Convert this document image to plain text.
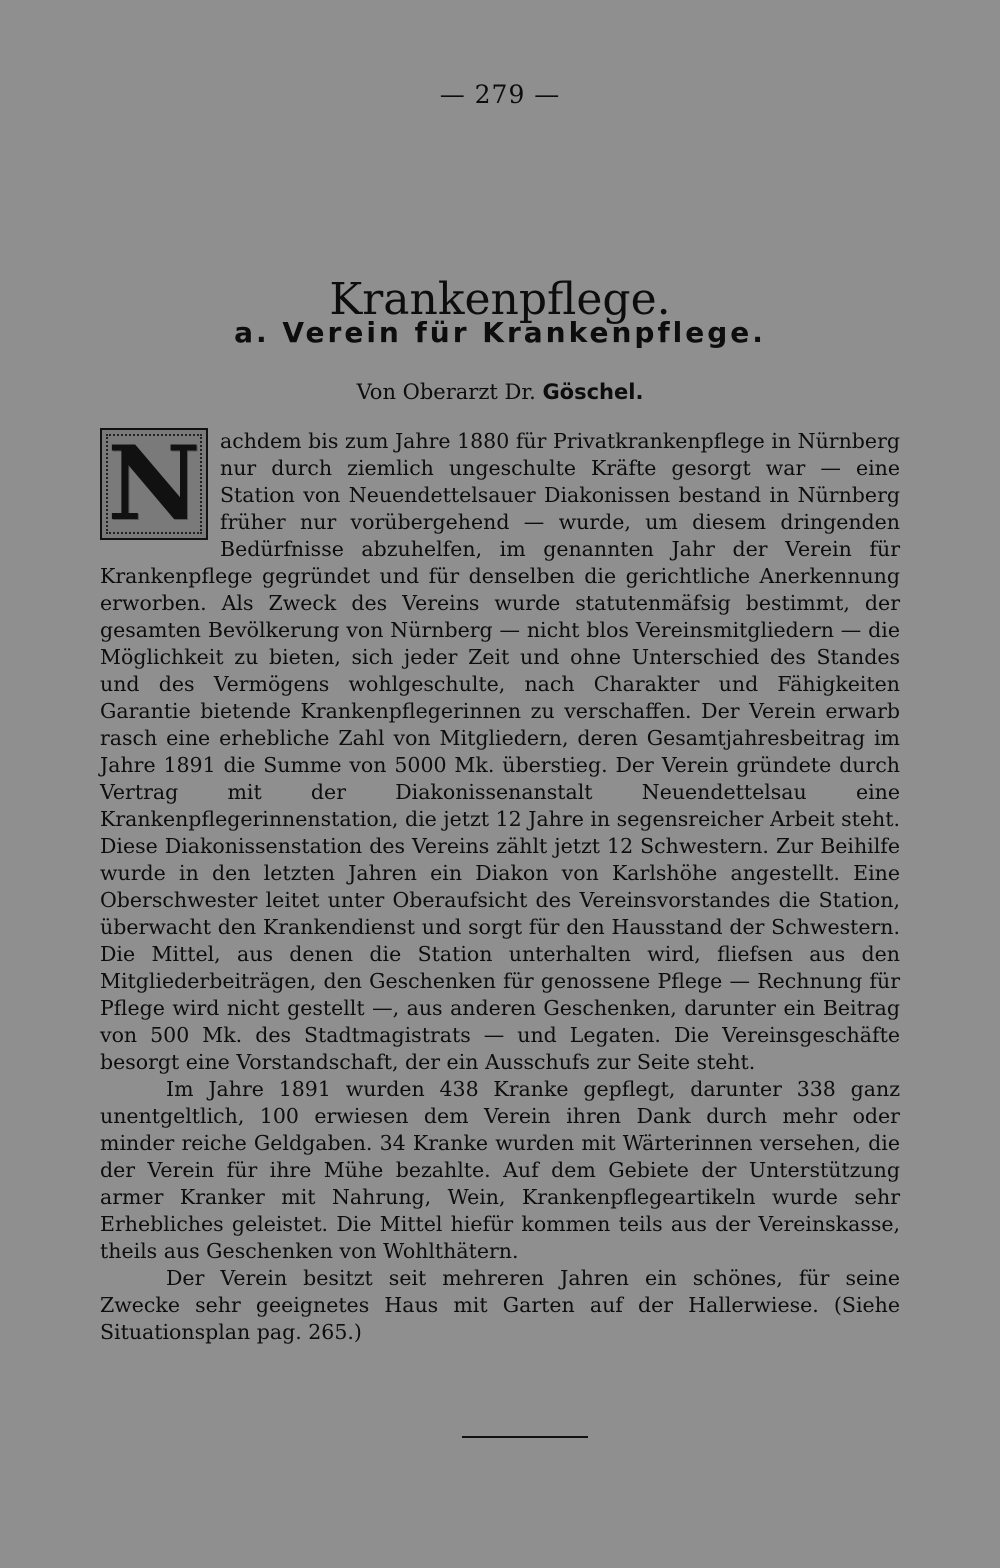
— 279 —
Krankenpflege.
a. Verein für Krankenpflege.
Von Oberarzt Dr. Göschel.

N achdem bis zum Jahre 1880 für Privatkrankenpflege in Nürnberg nur durch ziemlich ungeschulte Kräfte gesorgt war — eine Station von Neuendettelsauer Diakonissen bestand in Nürnberg früher nur vorübergehend — wurde, um diesem dringenden Bedürfnisse abzuhelfen, im genannten Jahr der Verein für Krankenpflege gegründet und für denselben die gerichtliche Anerkennung erworben. Als Zweck des Vereins wurde statutenmäfsig bestimmt, der gesamten Bevölkerung von Nürnberg — nicht blos Vereinsmitgliedern — die Möglichkeit zu bieten, sich jeder Zeit und ohne Unterschied des Standes und des Vermögens wohlgeschulte, nach Charakter und Fähigkeiten Garantie bietende Krankenpflegerinnen zu verschaffen. Der Verein erwarb rasch eine erhebliche Zahl von Mitgliedern, deren Gesamtjahresbeitrag im Jahre 1891 die Summe von 5000 Mk. überstieg. Der Verein gründete durch Vertrag mit der Diakonissenanstalt Neuendettelsau eine Krankenpflegerinnenstation, die jetzt 12 Jahre in segensreicher Arbeit steht. Diese Diakonissenstation des Vereins zählt jetzt 12 Schwestern. Zur Beihilfe wurde in den letzten Jahren ein Diakon von Karlshöhe angestellt. Eine Oberschwester leitet unter Oberaufsicht des Vereinsvorstandes die Station, überwacht den Krankendienst und sorgt für den Hausstand der Schwestern. Die Mittel, aus denen die Station unterhalten wird, fliefsen aus den Mitgliederbeiträgen, den Geschenken für genossene Pflege — Rechnung für Pflege wird nicht gestellt —, aus anderen Geschenken, darunter ein Beitrag von 500 Mk. des Stadtmagistrats — und Legaten. Die Vereinsgeschäfte besorgt eine Vorstandschaft, der ein Ausschufs zur Seite steht.

Im Jahre 1891 wurden 438 Kranke gepflegt, darunter 338 ganz unentgeltlich, 100 erwiesen dem Verein ihren Dank durch mehr oder minder reiche Geldgaben. 34 Kranke wurden mit Wärterinnen versehen, die der Verein für ihre Mühe bezahlte. Auf dem Gebiete der Unterstützung armer Kranker mit Nahrung, Wein, Krankenpflegeartikeln wurde sehr Erhebliches geleistet. Die Mittel hiefür kommen teils aus der Vereinskasse, theils aus Geschenken von Wohlthätern.

Der Verein besitzt seit mehreren Jahren ein schönes, für seine Zwecke sehr geeignetes Haus mit Garten auf der Hallerwiese. (Siehe Situationsplan pag. 265.)
